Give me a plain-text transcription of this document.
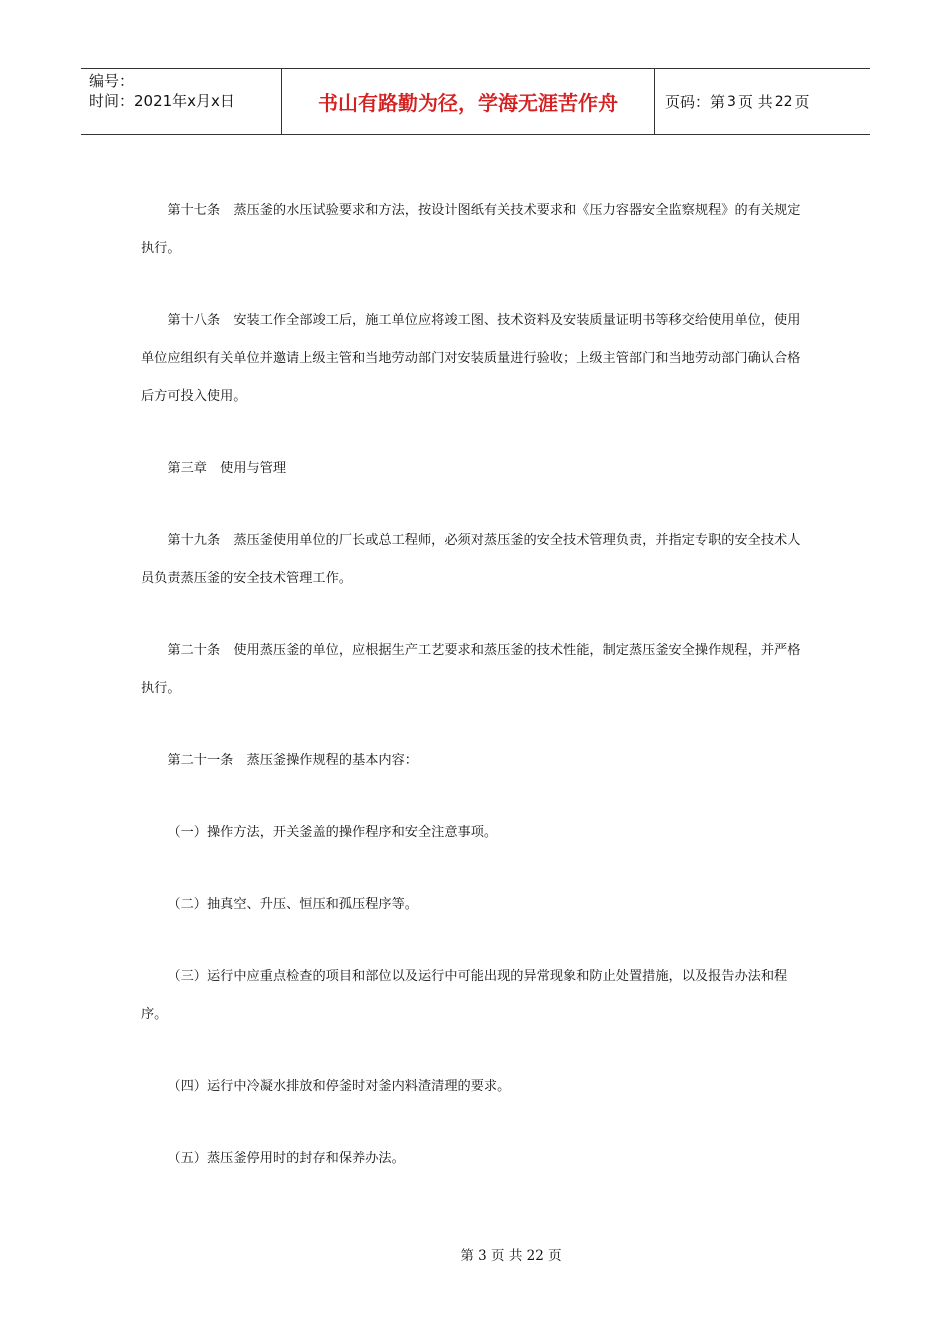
编号：
时间：2021年x月x日	书山有路勤为径，学海无涯苦作舟	页码：第 3 页 共 22 页

第十七条　蒸压釜的水压试验要求和方法，按设计图纸有关技术要求和《压力容器安全监察规程》的有关规定执行。

第十八条　安装工作全部竣工后，施工单位应将竣工图、技术资料及安装质量证明书等移交给使用单位，使用单位应组织有关单位并邀请上级主管和当地劳动部门对安装质量进行验收；上级主管部门和当地劳动部门确认合格后方可投入使用。

第三章　使用与管理

第十九条　蒸压釜使用单位的厂长或总工程师，必须对蒸压釜的安全技术管理负责，并指定专职的安全技术人员负责蒸压釜的安全技术管理工作。

第二十条　使用蒸压釜的单位，应根据生产工艺要求和蒸压釜的技术性能，制定蒸压釜安全操作规程，并严格执行。

第二十一条　蒸压釜操作规程的基本内容：

（一）操作方法，开关釜盖的操作程序和安全注意事项。

（二）抽真空、升压、恒压和孤压程序等。

（三）运行中应重点检查的项目和部位以及运行中可能出现的异常现象和防止处置措施，以及报告办法和程序。

（四）运行中冷凝水排放和停釜时对釜内料渣清理的要求。

（五）蒸压釜停用时的封存和保养办法。

第 3 页 共 22 页
